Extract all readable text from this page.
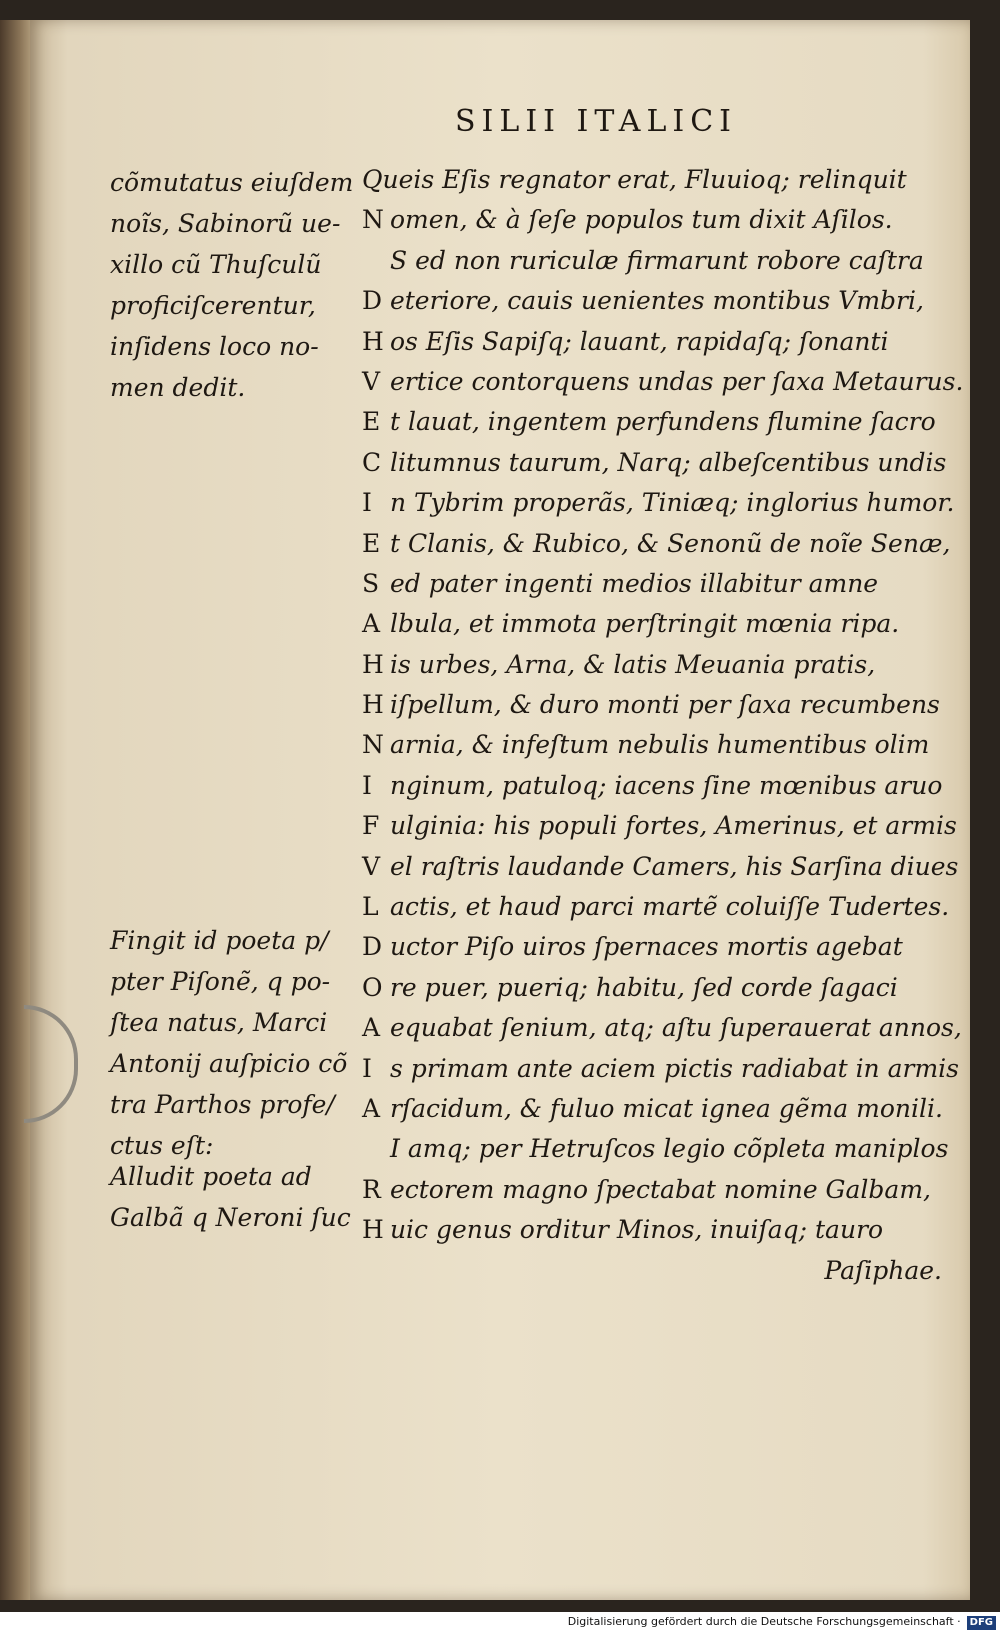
SILII ITALICI
cõmutatus eiuſdem
noĩs, Sabinorũ ue-
xillo cũ Thuſculũ
proficiſcerentur,
inſidens loco no-
men dedit.
Fingit id poeta p/
pter Piſonẽ, q po-
ſtea natus, Marci
Antonij auſpicio cõ
tra Parthos profe/
ctus eſt:
Alludit poeta ad
Galbã q Neroni ſuc
Queis Eſis regnator erat, Fluuioq; relinquit
N omen, & à ſeſe populos tum dixit Aſilos.
S ed non ruriculæ firmarunt robore caſtra
D eteriore, cauis uenientes montibus Vmbri,
H os Eſis Sapiſq; lauant, rapidaſq; ſonanti
V ertice contorquens undas per ſaxa Metaurus.
E t lauat, ingentem perfundens flumine ſacro
C litumnus taurum, Narq; albeſcentibus undis
I n Tybrim properãs, Tiniæq; inglorius humor.
E t Clanis, & Rubico, & Senonũ de noĩe Senæ,
S ed pater ingenti medios illabitur amne
A lbula, et immota perſtringit mœnia ripa.
H is urbes, Arna, & latis Meuania pratis,
H iſpellum, & duro monti per ſaxa recumbens
N arnia, & infeſtum nebulis humentibus olim
I nginum, patuloq; iacens ſine mœnibus aruo
F ulginia: his populi fortes, Amerinus, et armis
V el raſtris laudande Camers, his Sarſina diues
L actis, et haud parci martẽ coluiſſe Tudertes.
D uctor Piſo uiros ſpernaces mortis agebat
O re puer, pueriq; habitu, ſed corde ſagaci
A equabat ſenium, atq; aſtu ſuperauerat annos,
I s primam ante aciem pictis radiabat in armis
A rſacidum, & fuluo micat ignea gẽma monili.
I amq; per Hetruſcos legio cõpleta maniplos
R ectorem magno ſpectabat nomine Galbam,
H uic genus orditur Minos, inuiſaq; tauro
Paſiphae.
Digitalisierung gefördert durch die Deutsche Forschungsgemeinschaft · DFG
